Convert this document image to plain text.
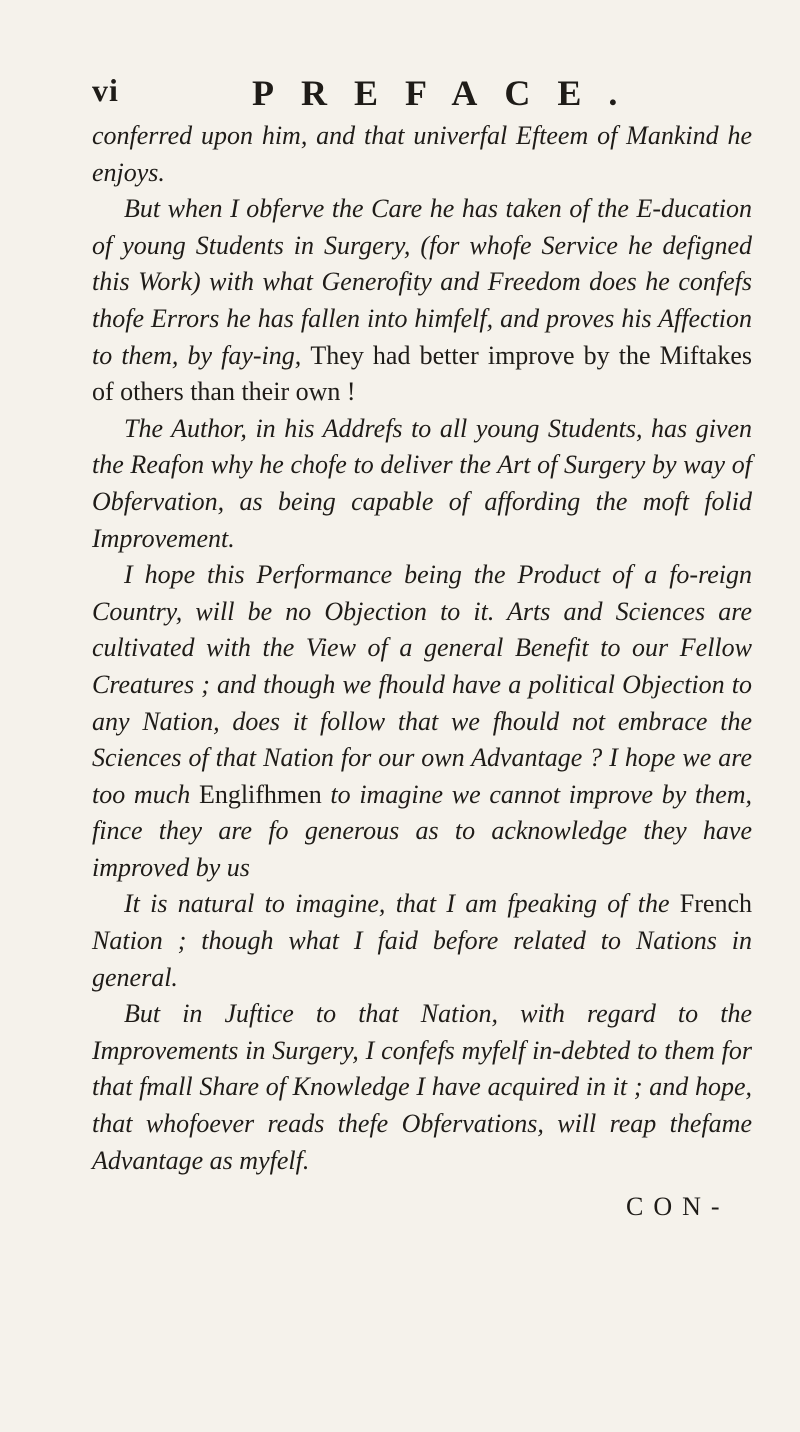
vi	PREFACE.

conferred upon him, and that univerfal Efteem of Mankind he enjoys.

But when I obferve the Care he has taken of the E-ducation of young Students in Surgery, (for whofe Service he defigned this Work) with what Generofity and Freedom does he confefs thofe Errors he has fallen into himfelf, and proves his Affection to them, by fay-ing, They had better improve by the Miftakes of others than their own !

The Author, in his Addrefs to all young Students, has given the Reafon why he chofe to deliver the Art of Surgery by way of Obfervation, as being capable of affording the moft folid Improvement.

I hope this Performance being the Product of a fo-reign Country, will be no Objection to it. Arts and Sciences are cultivated with the View of a general Benefit to our Fellow Creatures ; and though we fhould have a political Objection to any Nation, does it follow that we fhould not embrace the Sciences of that Nation for our own Advantage ? I hope we are too much Englifhmen to imagine we cannot improve by them, fince they are fo generous as to acknowledge they have improved by us

It is natural to imagine, that I am fpeaking of the French Nation ; though what I faid before related to Nations in general.

But in Juftice to that Nation, with regard to the Improvements in Surgery, I confefs myfelf in-debted to them for that fmall Share of Knowledge I have acquired in it ; and hope, that whofoever reads thefe Obfervations, will reap thefame Advantage as myfelf.

CON-
